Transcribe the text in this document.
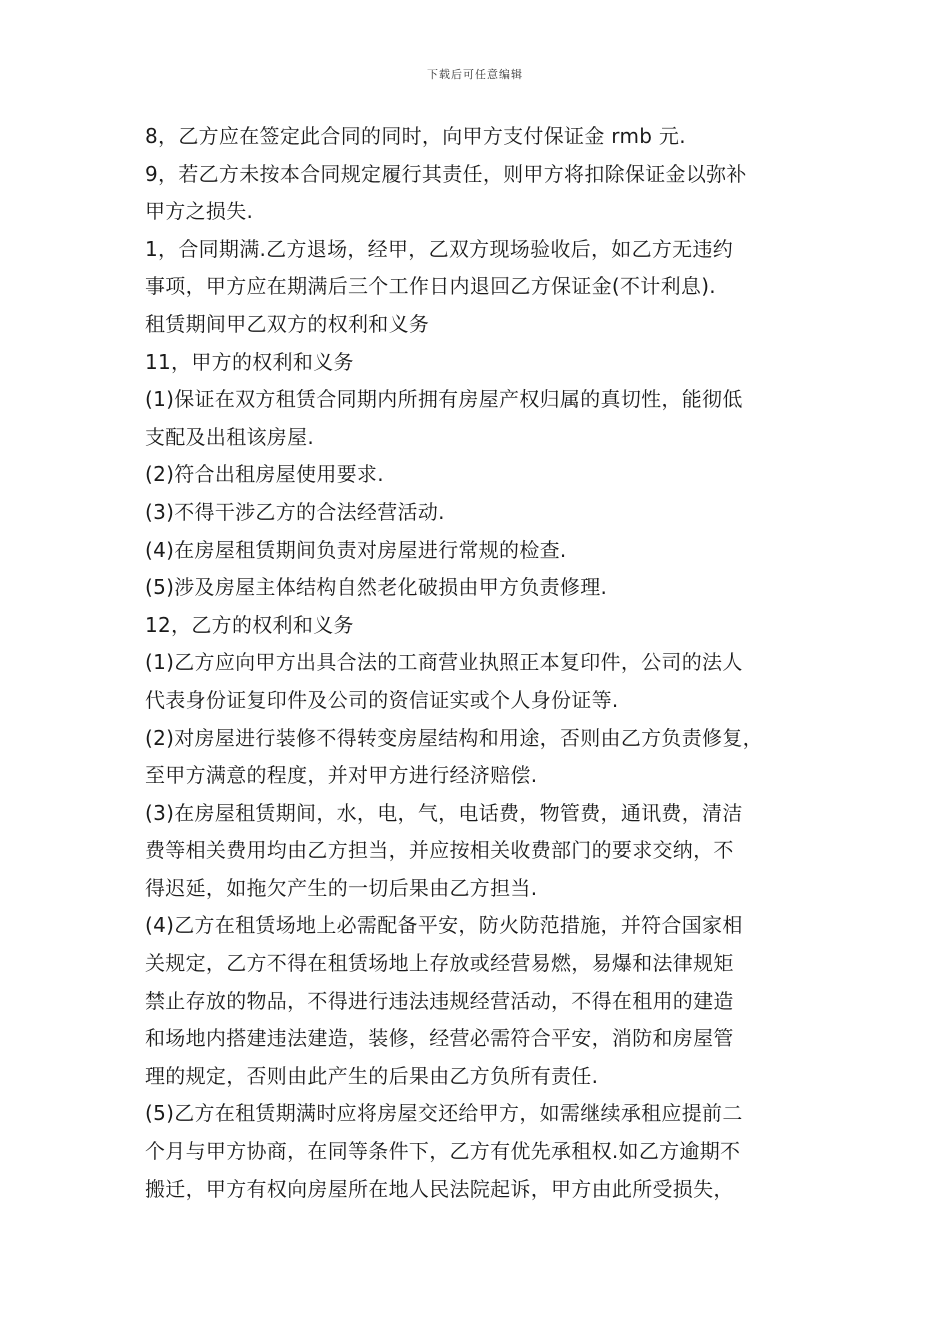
下载后可任意编辑
8，乙方应在签定此合同的同时，向甲方支付保证金 rmb 元.
9，若乙方未按本合同规定履行其责任，则甲方将扣除保证金以弥补
甲方之损失.
1，合同期满.乙方退场，经甲，乙双方现场验收后，如乙方无违约
事项，甲方应在期满后三个工作日内退回乙方保证金(不计利息).
租赁期间甲乙双方的权利和义务
11，甲方的权利和义务
(1)保证在双方租赁合同期内所拥有房屋产权归属的真切性，能彻低
支配及出租该房屋.
(2)符合出租房屋使用要求.
(3)不得干涉乙方的合法经营活动.
(4)在房屋租赁期间负责对房屋进行常规的检查.
(5)涉及房屋主体结构自然老化破损由甲方负责修理.
12，乙方的权利和义务
(1)乙方应向甲方出具合法的工商营业执照正本复印件，公司的法人
代表身份证复印件及公司的资信证实或个人身份证等.
(2)对房屋进行装修不得转变房屋结构和用途，否则由乙方负责修复，
至甲方满意的程度，并对甲方进行经济赔偿.
(3)在房屋租赁期间，水，电，气，电话费，物管费，通讯费，清洁
费等相关费用均由乙方担当，并应按相关收费部门的要求交纳，不
得迟延，如拖欠产生的一切后果由乙方担当.
(4)乙方在租赁场地上必需配备平安，防火防范措施，并符合国家相
关规定，乙方不得在租赁场地上存放或经营易燃，易爆和法律规矩
禁止存放的物品，不得进行违法违规经营活动，不得在租用的建造
和场地内搭建违法建造，装修，经营必需符合平安，消防和房屋管
理的规定，否则由此产生的后果由乙方负所有责任.
(5)乙方在租赁期满时应将房屋交还给甲方，如需继续承租应提前二
个月与甲方协商，在同等条件下，乙方有优先承租权.如乙方逾期不
搬迁，甲方有权向房屋所在地人民法院起诉，甲方由此所受损失，
